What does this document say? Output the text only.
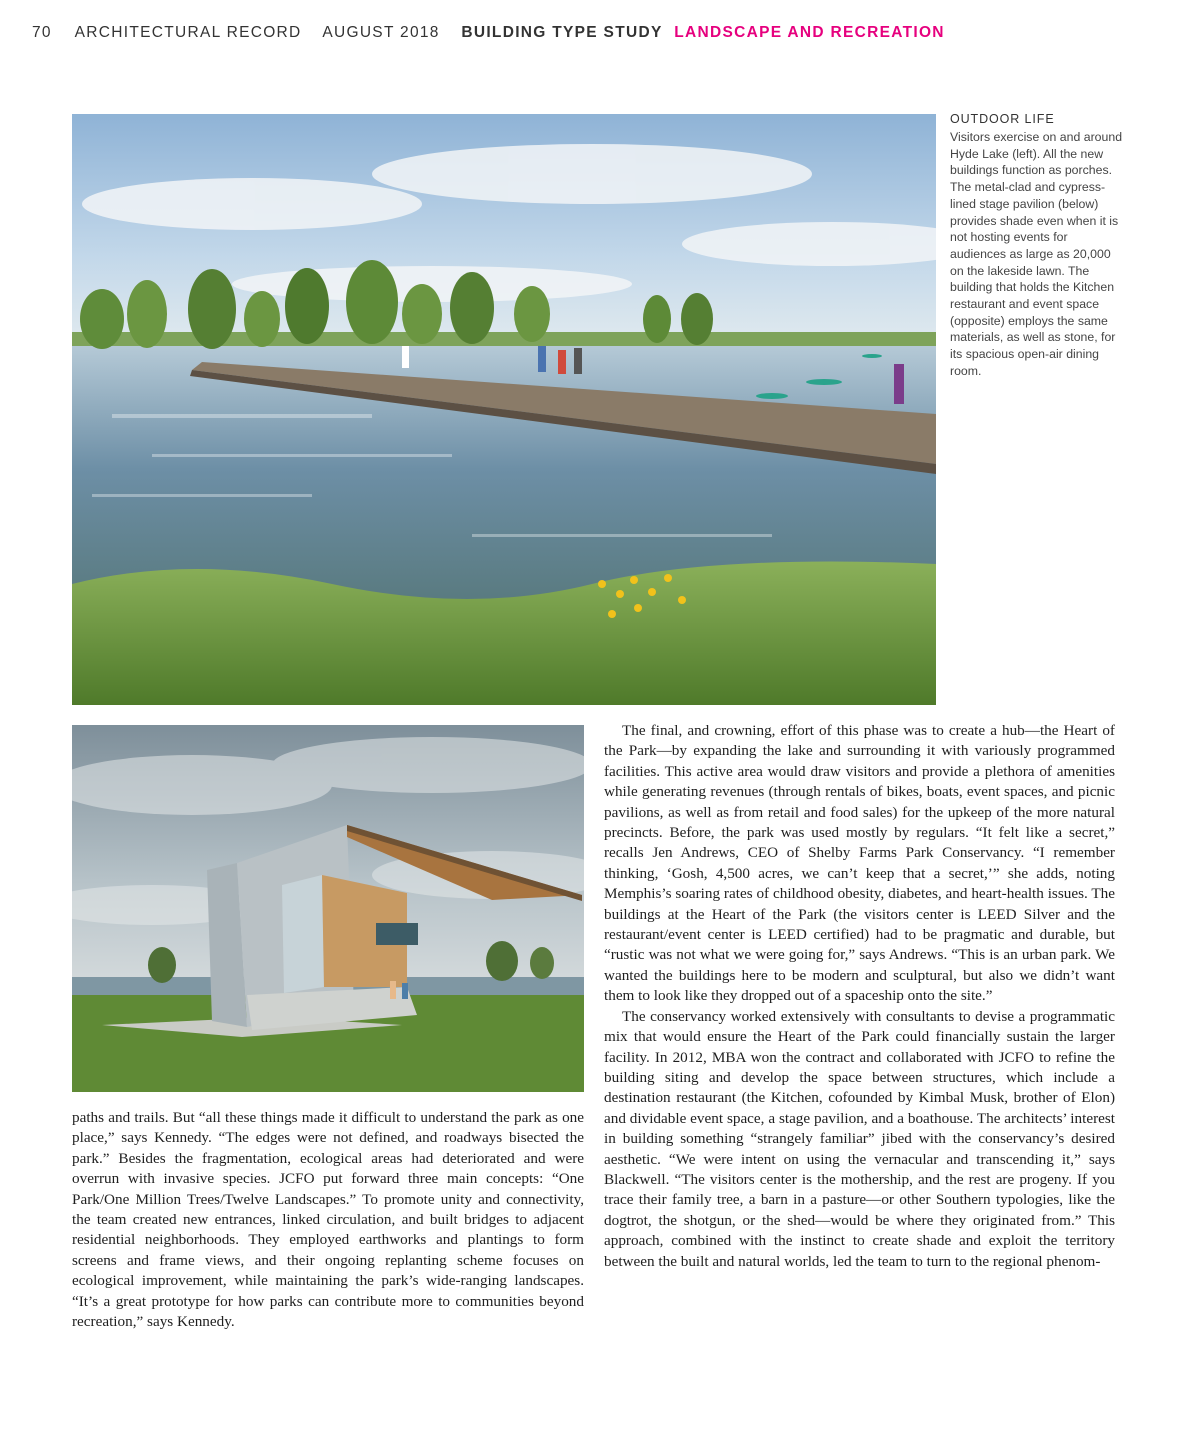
70 ARCHITECTURAL RECORD AUGUST 2018 BUILDING TYPE STUDY LANDSCAPE AND RECREATION
OUTDOOR LIFE

Visitors exercise on and around Hyde Lake (left). All the new buildings function as porches. The metal-clad and cypress-lined stage pavilion (below) provides shade even when it is not hosting events for audiences as large as 20,000 on the lakeside lawn. The building that holds the Kitchen restaurant and event space (opposite) employs the same materials, as well as stone, for its spacious open-air dining room.

paths and trails. But “all these things made it difficult to understand the park as one place,” says Kennedy. “The edges were not defined, and roadways bisected the park.” Besides the fragmentation, ecological areas had deteriorated and were overrun with invasive species. JCFO put forward three main concepts: “One Park/One Million Trees/Twelve Landscapes.” To promote unity and connectivity, the team created new entrances, linked circulation, and built bridges to adjacent residential neighborhoods. They employed earthworks and plantings to form screens and frame views, and their ongoing replanting scheme focuses on ecological improvement, while maintaining the park’s wide-ranging landscapes. “It’s a great prototype for how parks can contribute more to communities beyond recreation,” says Kennedy.

The final, and crowning, effort of this phase was to create a hub—the Heart of the Park—by expanding the lake and surrounding it with variously programmed facilities. This active area would draw visitors and provide a plethora of amenities while generating revenues (through rentals of bikes, boats, event spaces, and picnic pavilions, as well as from retail and food sales) for the upkeep of the more natural precincts. Before, the park was used mostly by regulars. “It felt like a secret,” recalls Jen Andrews, CEO of Shelby Farms Park Conservancy. “I remember thinking, ‘Gosh, 4,500 acres, we can’t keep that a secret,’” she adds, noting Memphis’s soaring rates of childhood obesity, diabetes, and heart-health issues. The buildings at the Heart of the Park (the visitors center is LEED Silver and the restaurant/event center is LEED certified) had to be pragmatic and durable, but “rustic was not what we were going for,” says Andrews. “This is an urban park. We wanted the buildings here to be modern and sculptural, but also we didn’t want them to look like they dropped out of a spaceship onto the site.”

The conservancy worked extensively with consultants to devise a programmatic mix that would ensure the Heart of the Park could financially sustain the larger facility. In 2012, MBA won the contract and collaborated with JCFO to refine the building siting and develop the space between structures, which include a destination restaurant (the Kitchen, cofounded by Kimbal Musk, brother of Elon) and dividable event space, a stage pavilion, and a boathouse. The architects’ interest in building something “strangely familiar” jibed with the conservancy’s desired aesthetic. “We were intent on using the vernacular and transcending it,” says Blackwell. “The visitors center is the mothership, and the rest are progeny. If you trace their family tree, a barn in a pasture—or other Southern typologies, like the dogtrot, the shotgun, or the shed—would be where they originated from.” This approach, combined with the instinct to create shade and exploit the territory between the built and natural worlds, led the team to turn to the regional phenom-
